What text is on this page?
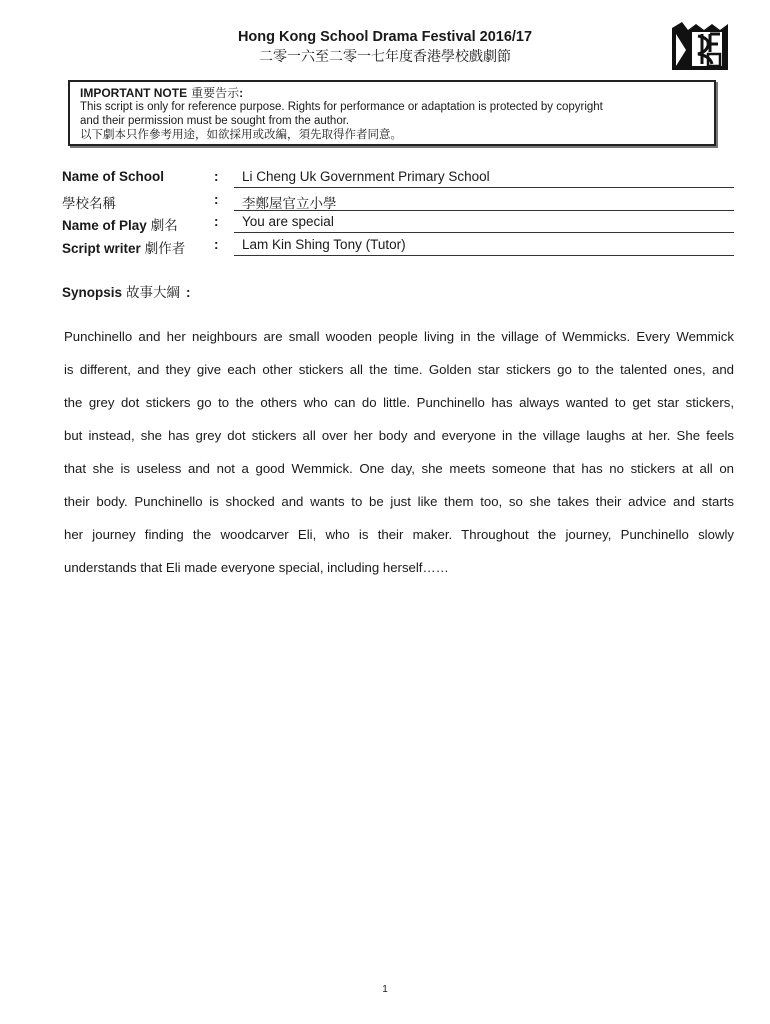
Hong Kong School Drama Festival 2016/17
二零一六至二零一七年度香港學校戲劇節
IMPORTANT NOTE 重要告示:
This script is only for reference purpose. Rights for performance or adaptation is protected by copyright
and their permission must be sought from the author.
以下劇本只作參考用途，如欲採用或改編，須先取得作者同意。
Name of School	:	Li Cheng Uk Government Primary School
學校名稱	:	李鄭屋官立小學
Name of Play 劇名	:	You are special
Script writer 劇作者 :	Lam Kin Shing Tony (Tutor)
Synopsis 故事大綱 :
Punchinello and her neighbours are small wooden people living in the village of Wemmicks. Every Wemmick
is different, and they give each other stickers all the time. Golden star stickers go to the talented ones, and
the grey dot stickers go to the others who can do little. Punchinello has always wanted to get star stickers,
but instead, she has grey dot stickers all over her body and everyone in the village laughs at her. She feels
that she is useless and not a good Wemmick. One day, she meets someone that has no stickers at all on
their body. Punchinello is shocked and wants to be just like them too, so she takes their advice and starts
her journey finding the woodcarver Eli, who is their maker. Throughout the journey, Punchinello slowly
understands that Eli made everyone special, including herself……
1
